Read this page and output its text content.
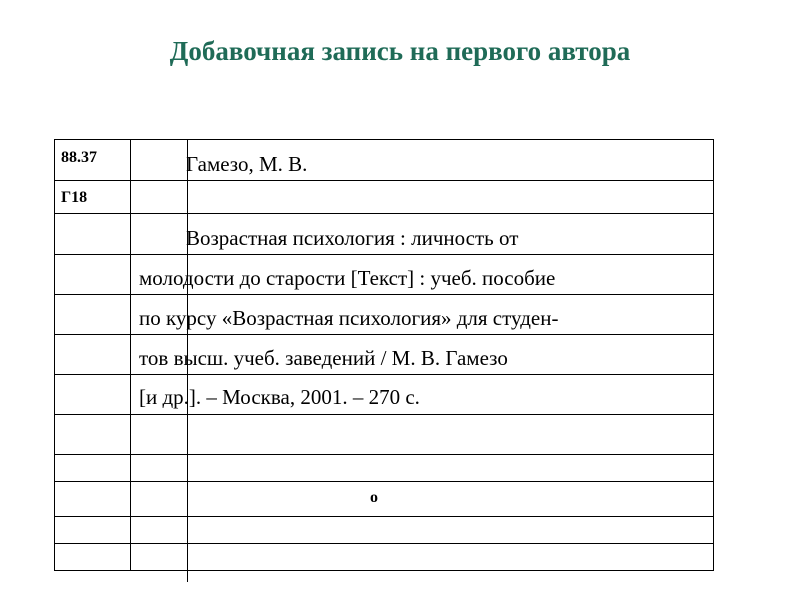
Добавочная запись на первого автора
88.37
Г18
Гамезо, М. В.
Возрастная психология : личность от
молодости до старости [Текст] : учеб. пособие
по курсу «Возрастная психология» для студен-
тов высш. учеб. заведений / М. В. Гамезо
[и др.]. – Москва, 2001. – 270 с.
о
